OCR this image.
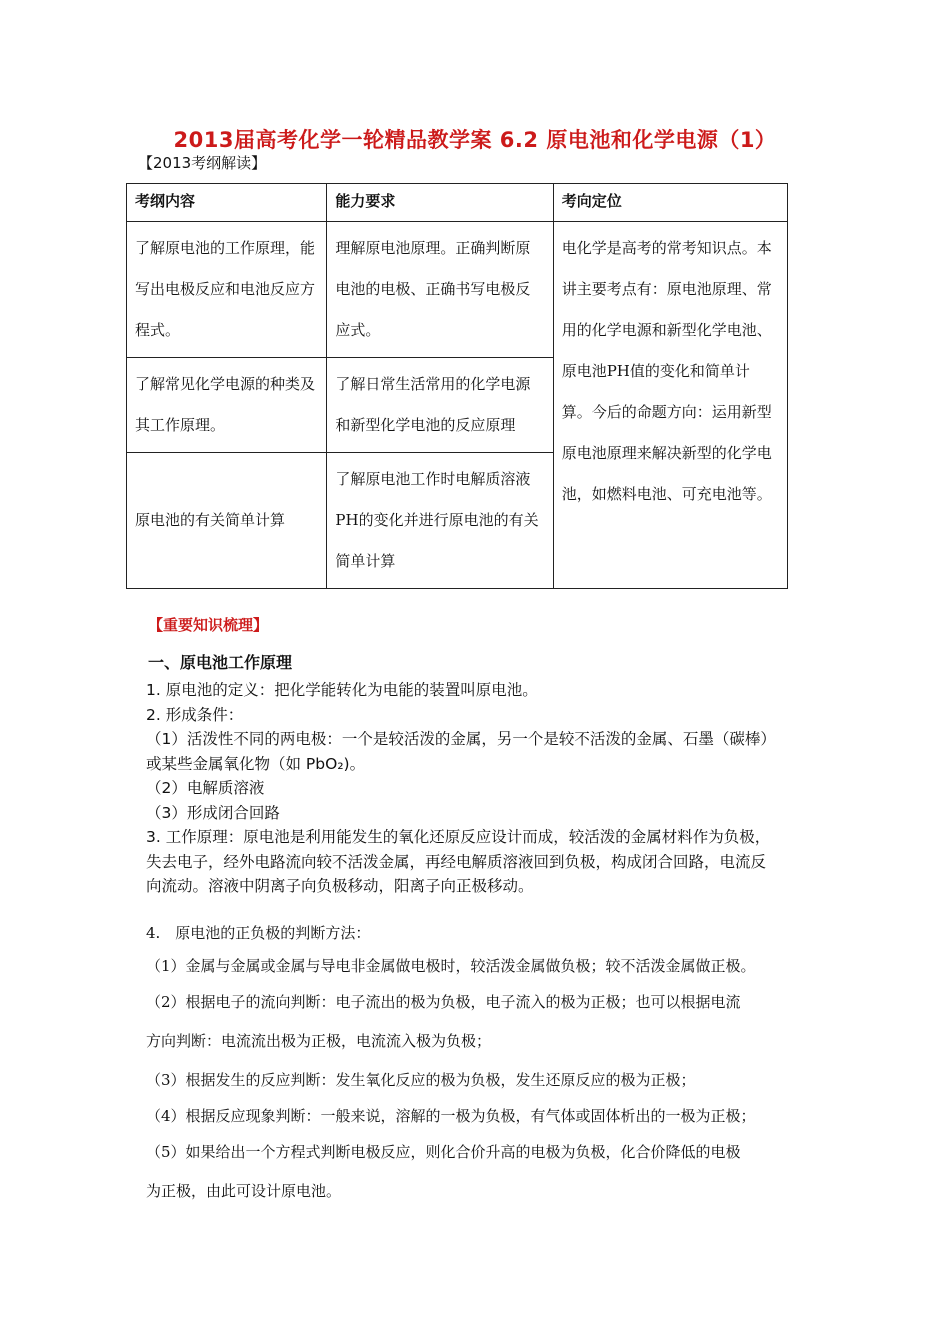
2013届高考化学一轮精品教学案 6.2 原电池和化学电源（1）
【2013考纲解读】
考纲内容	能力要求	考向定位
了解原电池的工作原理，能写出电极反应和电池反应方程式。	理解原电池原理。正确判断原电池的电极、正确书写电极反应式。	电化学是高考的常考知识点。本讲主要考点有：原电池原理、常用的化学电源和新型化学电池、原电池PH值的变化和简单计算。今后的命题方向：运用新型原电池原理来解决新型的化学电池，如燃料电池、可充电池等。
了解常见化学电源的种类及其工作原理。	了解日常生活常用的化学电源和新型化学电池的反应原理	
原电池的有关简单计算	了解原电池工作时电解质溶液PH的变化并进行原电池的有关简单计算	
【重要知识梳理】
一、原电池工作原理

1. 原电池的定义：把化学能转化为电能的装置叫原电池。

2. 形成条件：

（1）活泼性不同的两电极：一个是较活泼的金属，另一个是较不活泼的金属、石墨（碳棒）

或某些金属氧化物（如 PbO₂)。

（2）电解质溶液

（3）形成闭合回路

3. 工作原理：原电池是利用能发生的氧化还原反应设计而成，较活泼的金属材料作为负极，

失去电子，经外电路流向较不活泼金属，再经电解质溶液回到负极，构成闭合回路，电流反

向流动。溶液中阴离子向负极移动，阳离子向正极移动。

4.　原电池的正负极的判断方法：

（1）金属与金属或金属与导电非金属做电极时，较活泼金属做负极；较不活泼金属做正极。

（2）根据电子的流向判断：电子流出的极为负极，电子流入的极为正极；也可以根据电流

方向判断：电流流出极为正极，电流流入极为负极；

（3）根据发生的反应判断：发生氧化反应的极为负极，发生还原反应的极为正极；

（4）根据反应现象判断：一般来说，溶解的一极为负极，有气体或固体析出的一极为正极；

（5）如果给出一个方程式判断电极反应，则化合价升高的电极为负极，化合价降低的电极

为正极，由此可设计原电池。
